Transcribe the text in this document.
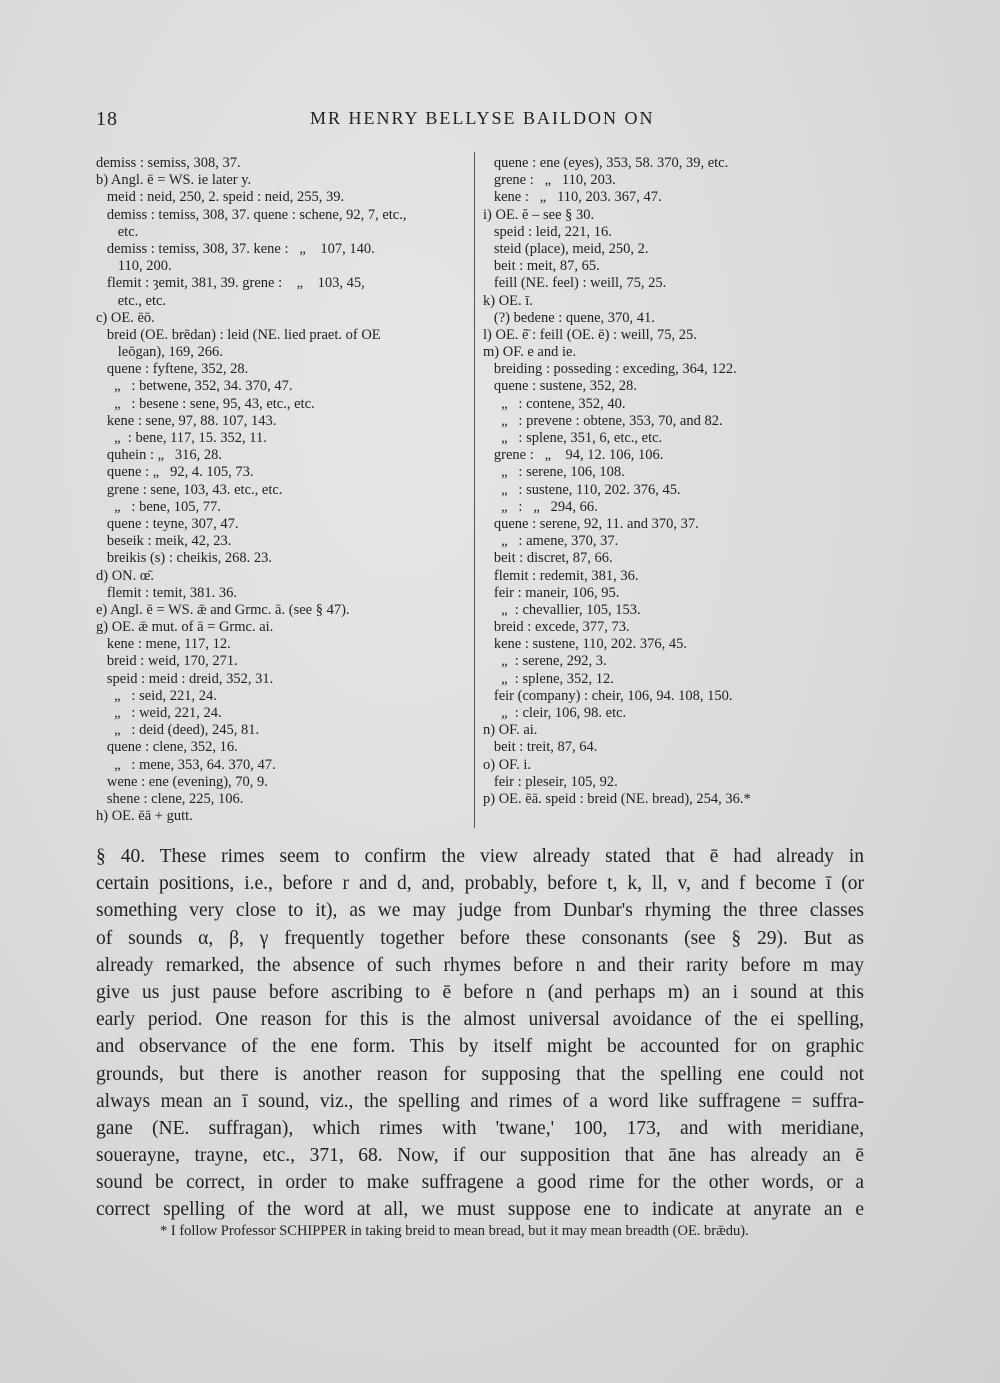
18	MR HENRY BELLYSE BAILDON ON
demiss : semiss, 308, 37.
b) Angl. ē = WS. ie later y.
meid : neid, 250, 2. speid : neid, 255, 39.
demiss : temiss, 308, 37. quene : schene, 92, 7, etc.,
etc.
demiss : temiss, 308, 37. kene :   „    107, 140.
110, 200.
flemit : ȝemit, 381, 39. grene :    „    103, 45,
etc., etc.
c) OE. ēō.
breid (OE. brēdan) : leid (NE. lied praet. of OE
leōgan), 169, 266.
quene : fyftene, 352, 28.
„   : betwene, 352, 34. 370, 47.
„   : besene : sene, 95, 43, etc., etc.
kene : sene, 97, 88. 107, 143.
„  : bene, 117, 15. 352, 11.
quhein : „   316, 28.
quene : „   92, 4. 105, 73.
grene : sene, 103, 43. etc., etc.
„   : bene, 105, 77.
quene : teyne, 307, 47.
beseik : meik, 42, 23.
breikis (s) : cheikis, 268. 23.
d) ON. œ̄.
flemit : temit, 381. 36.
e) Angl. ē = WS. ǣ and Grmc. ā. (see § 47).
g) OE. ǣ mut. of ā = Grmc. ai.
kene : mene, 117, 12.
breid : weid, 170, 271.
speid : meid : dreid, 352, 31.
„   : seid, 221, 24.
„   : weid, 221, 24.
„   : deid (deed), 245, 81.
quene : clene, 352, 16.
„   : mene, 353, 64. 370, 47.
wene : ene (evening), 70, 9.
shene : clene, 225, 106.
h) OE. ēā + gutt.
quene : ene (eyes), 353, 58. 370, 39, etc.
grene :   „   110, 203.
kene :   „   110, 203. 367, 47.
i) OE. ĕ – see § 30.
speid : leid, 221, 16.
steid (place), meid, 250, 2.
beit : meit, 87, 65.
feill (NE. feel) : weill, 75, 25.
k) OE. ī.
(?) bedene : quene, 370, 41.
l) OE. ĕ̄ : feill (OE. ē) : weill, 75, 25.
m) OF. e and ie.
breiding : posseding : exceding, 364, 122.
quene : sustene, 352, 28.
„   : contene, 352, 40.
„   : prevene : obtene, 353, 70, and 82.
„   : splene, 351, 6, etc., etc.
grene :   „    94, 12. 106, 106.
„   : serene, 106, 108.
„   : sustene, 110, 202. 376, 45.
„   :   „   294, 66.
quene : serene, 92, 11. and 370, 37.
„   : amene, 370, 37.
beit : discret, 87, 66.
flemit : redemit, 381, 36.
feir : maneir, 106, 95.
„  : chevallier, 105, 153.
breid : excede, 377, 73.
kene : sustene, 110, 202. 376, 45.
„  : serene, 292, 3.
„  : splene, 352, 12.
feir (company) : cheir, 106, 94. 108, 150.
„  : cleir, 106, 98. etc.
n) OF. ai.
beit : treit, 87, 64.
o) OF. i.
feir : pleseir, 105, 92.
p) OE. ēā. speid : breid (NE. bread), 254, 36.*
§ 40. These rimes seem to confirm the view already stated that ē had already in
certain positions, i.e., before r and d, and, probably, before t, k, ll, v, and f become ī (or
something very close to it), as we may judge from Dunbar's rhyming the three classes
of sounds α, β, γ frequently together before these consonants (see § 29). But as
already remarked, the absence of such rhymes before n and their rarity before m may
give us just pause before ascribing to ē before n (and perhaps m) an i sound at this
early period. One reason for this is the almost universal avoidance of the ei spelling,
and observance of the ene form. This by itself might be accounted for on graphic
grounds, but there is another reason for supposing that the spelling ene could not
always mean an ī sound, viz., the spelling and rimes of a word like suffragene = suffra-
gane (NE. suffragan), which rimes with 'twane,' 100, 173, and with meridiane,
souerayne, trayne, etc., 371, 68. Now, if our supposition that āne has already an ē
sound be correct, in order to make suffragene a good rime for the other words, or a
correct spelling of the word at all, we must suppose ene to indicate at anyrate an e
* I follow Professor SCHIPPER in taking breid to mean bread, but it may mean breadth (OE. brǣdu).
